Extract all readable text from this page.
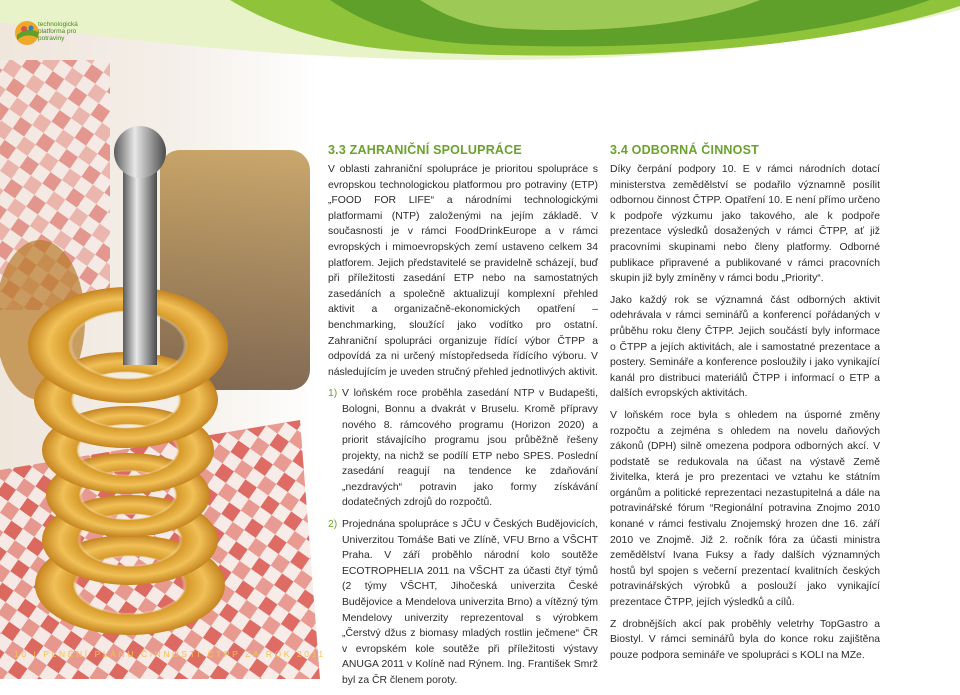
technologická platforma pro potraviny
3.3 ZAHRANIČNÍ SPOLUPRÁCE

V oblasti zahraniční spolupráce je prioritou spolupráce s evropskou technologickou platformou pro potraviny (ETP) „FOOD FOR LIFE“ a národními technologickými platformami (NTP) založenými na jejím základě. V současnosti je v rámci FoodDrinkEurope a v rámci evropských i mimoevropských zemí ustaveno celkem 34 platforem. Jejich představitelé se pravidelně scházejí, buď při příležitosti zasedání ETP nebo na samostatných zasedáních a společně aktualizují komplexní přehled aktivit a organizačně-ekonomických opatření – benchmarking, sloužící jako vodítko pro ostatní. Zahraniční spolupráci organizuje řídící výbor ČTPP a odpovídá za ni určený místopředseda řídícího výboru. V následujícím je uveden stručný přehled jednotlivých aktivit.

1) V loňském roce proběhla zasedání NTP v Budapešti, Bologni, Bonnu a dvakrát v Bruselu. Kromě přípravy nového 8. rámcového programu (Horizon 2020) a priorit stávajícího programu jsou průběžně řešeny projekty, na nichž se podílí ETP nebo SPES. Poslední zasedání reagují na tendence ke zdaňování „nezdravých“ potravin jako formy získávání dodatečných zdrojů do rozpočtů.
2) Projednána spolupráce s JČU v Českých Budějovicích, Univerzitou Tomáše Bati ve Zlíně, VFU Brno a VŠCHT Praha. V září proběhlo národní kolo soutěže ECOTROPHELIA 2011 na VŠCHT za účasti čtyř týmů (2 týmy VŠCHT, Jihočeská univerzita České Budějovice a Mendelova univerzita Brno) a vítězný tým Mendelovy univerzity reprezentoval s výrobkem „Čerstvý džus z biomasy mladých rostlin ječmene“ ČR v evropském kole soutěže při příležitosti výstavy ANUGA 2011 v Kolíně nad Rýnem. Ing. František Smrž byl za ČR členem poroty.
3.4 ODBORNÁ ČINNOST

Díky čerpání podpory 10. E v rámci národních dotací ministerstva zemědělství se podařilo významně posílit odbornou činnost ČTPP. Opatření 10. E není přímo určeno k podpoře výzkumu jako takového, ale k podpoře prezentace výsledků dosažených v rámci ČTPP, ať již pracovními skupinami nebo členy platformy. Odborné publikace připravené a publikované v rámci pracovních skupin již byly zmíněny v rámci bodu „Priority“.

Jako každý rok se významná část odborných aktivit odehrávala v rámci seminářů a konferencí pořádaných v průběhu roku členy ČTPP. Jejich součástí byly informace o ČTPP a jejích aktivitách, ale i samostatné prezentace a postery. Semináře a konference posloužily i jako vynikající kanál pro distribuci materiálů ČTPP i informací o ETP a dalších evropských aktivitách.

V loňském roce byla s ohledem na úsporné změny rozpočtu a zejména s ohledem na novelu daňových zákonů (DPH) silně omezena podpora odborných akcí. V podstatě se redukovala na účast na výstavě Země živitelka, která je pro prezentaci ve vztahu ke státním orgánům a politické reprezentaci nezastupitelná a dále na potravinářské fórum “Regionální potravina Znojmo 2010 konané v rámci festivalu Znojemský hrozen dne 16. září 2010 ve Znojmě. Již 2. ročník fóra za účasti ministra zemědělství Ivana Fuksy a řady dalších významných hostů byl spojen s večerní prezentací kvalitních českých potravinářských výrobků a poslouží jako vynikající prezentace ČTPP, jejích výsledků a cílů.

Z drobnějších akcí pak proběhly veletrhy TopGastro a Biostyl. V rámci seminářů byla do konce roku zajištěna pouze podpora semináře ve spolupráci s KOLI na MZe.

10 | PLNĚNÍ PLÁNU ČINNOSTI ČTPP ZA ROK 2011
